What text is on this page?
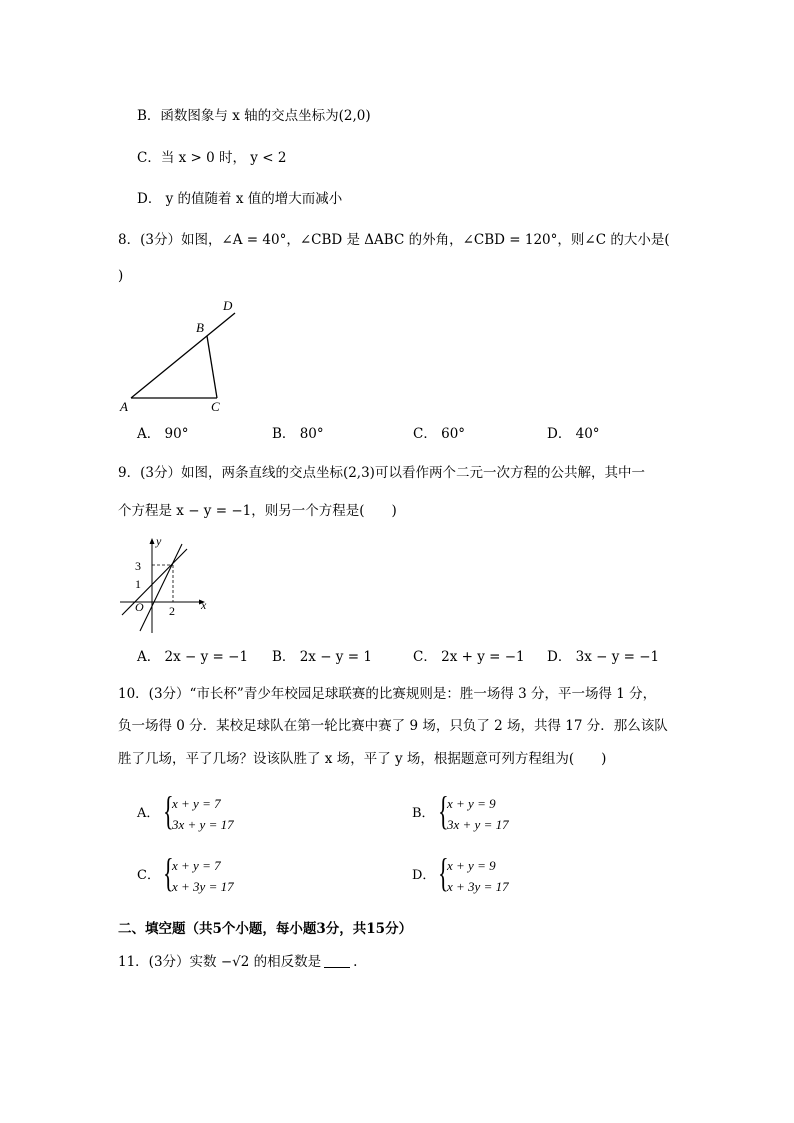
B．函数图象与 x 轴的交点坐标为(2,0)
C．当 x > 0 时， y < 2
D． y 的值随着 x 值的增大而减小
8．(3分）如图，∠A = 40°，∠CBD 是 ΔABC 的外角，∠CBD = 120°，则∠C 的大小是(
)
A
B
C
D
A． 90°	B． 80°	C． 60°	D． 40°
9．(3分）如图，两条直线的交点坐标(2,3)可以看作两个二元一次方程的公共解，其中一
个方程是 x − y = −1，则另一个方程是(　　)
y
x
O
3
1
2
A． 2x − y = −1 B． 2x − y = 1	C． 2x + y = −1 D． 3x − y = −1
10．(3分）“市长杯”青少年校园足球联赛的比赛规则是：胜一场得 3 分，平一场得 1 分，
负一场得 0 分．某校足球队在第一轮比赛中赛了 9 场，只负了 2 场，共得 17 分．那么该队
胜了几场，平了几场？设该队胜了 x 场，平了 y 场，根据题意可列方程组为(　　)
A． {
x + y = 7
3x + y = 17
B． {
x + y = 9
3x + y = 17
C． {
x + y = 7
x + 3y = 17
D． {
x + y = 9
x + 3y = 17
二、填空题（共5个小题，每小题3分，共15分）
11．(3分）实数 −√2 的相反数是 .
